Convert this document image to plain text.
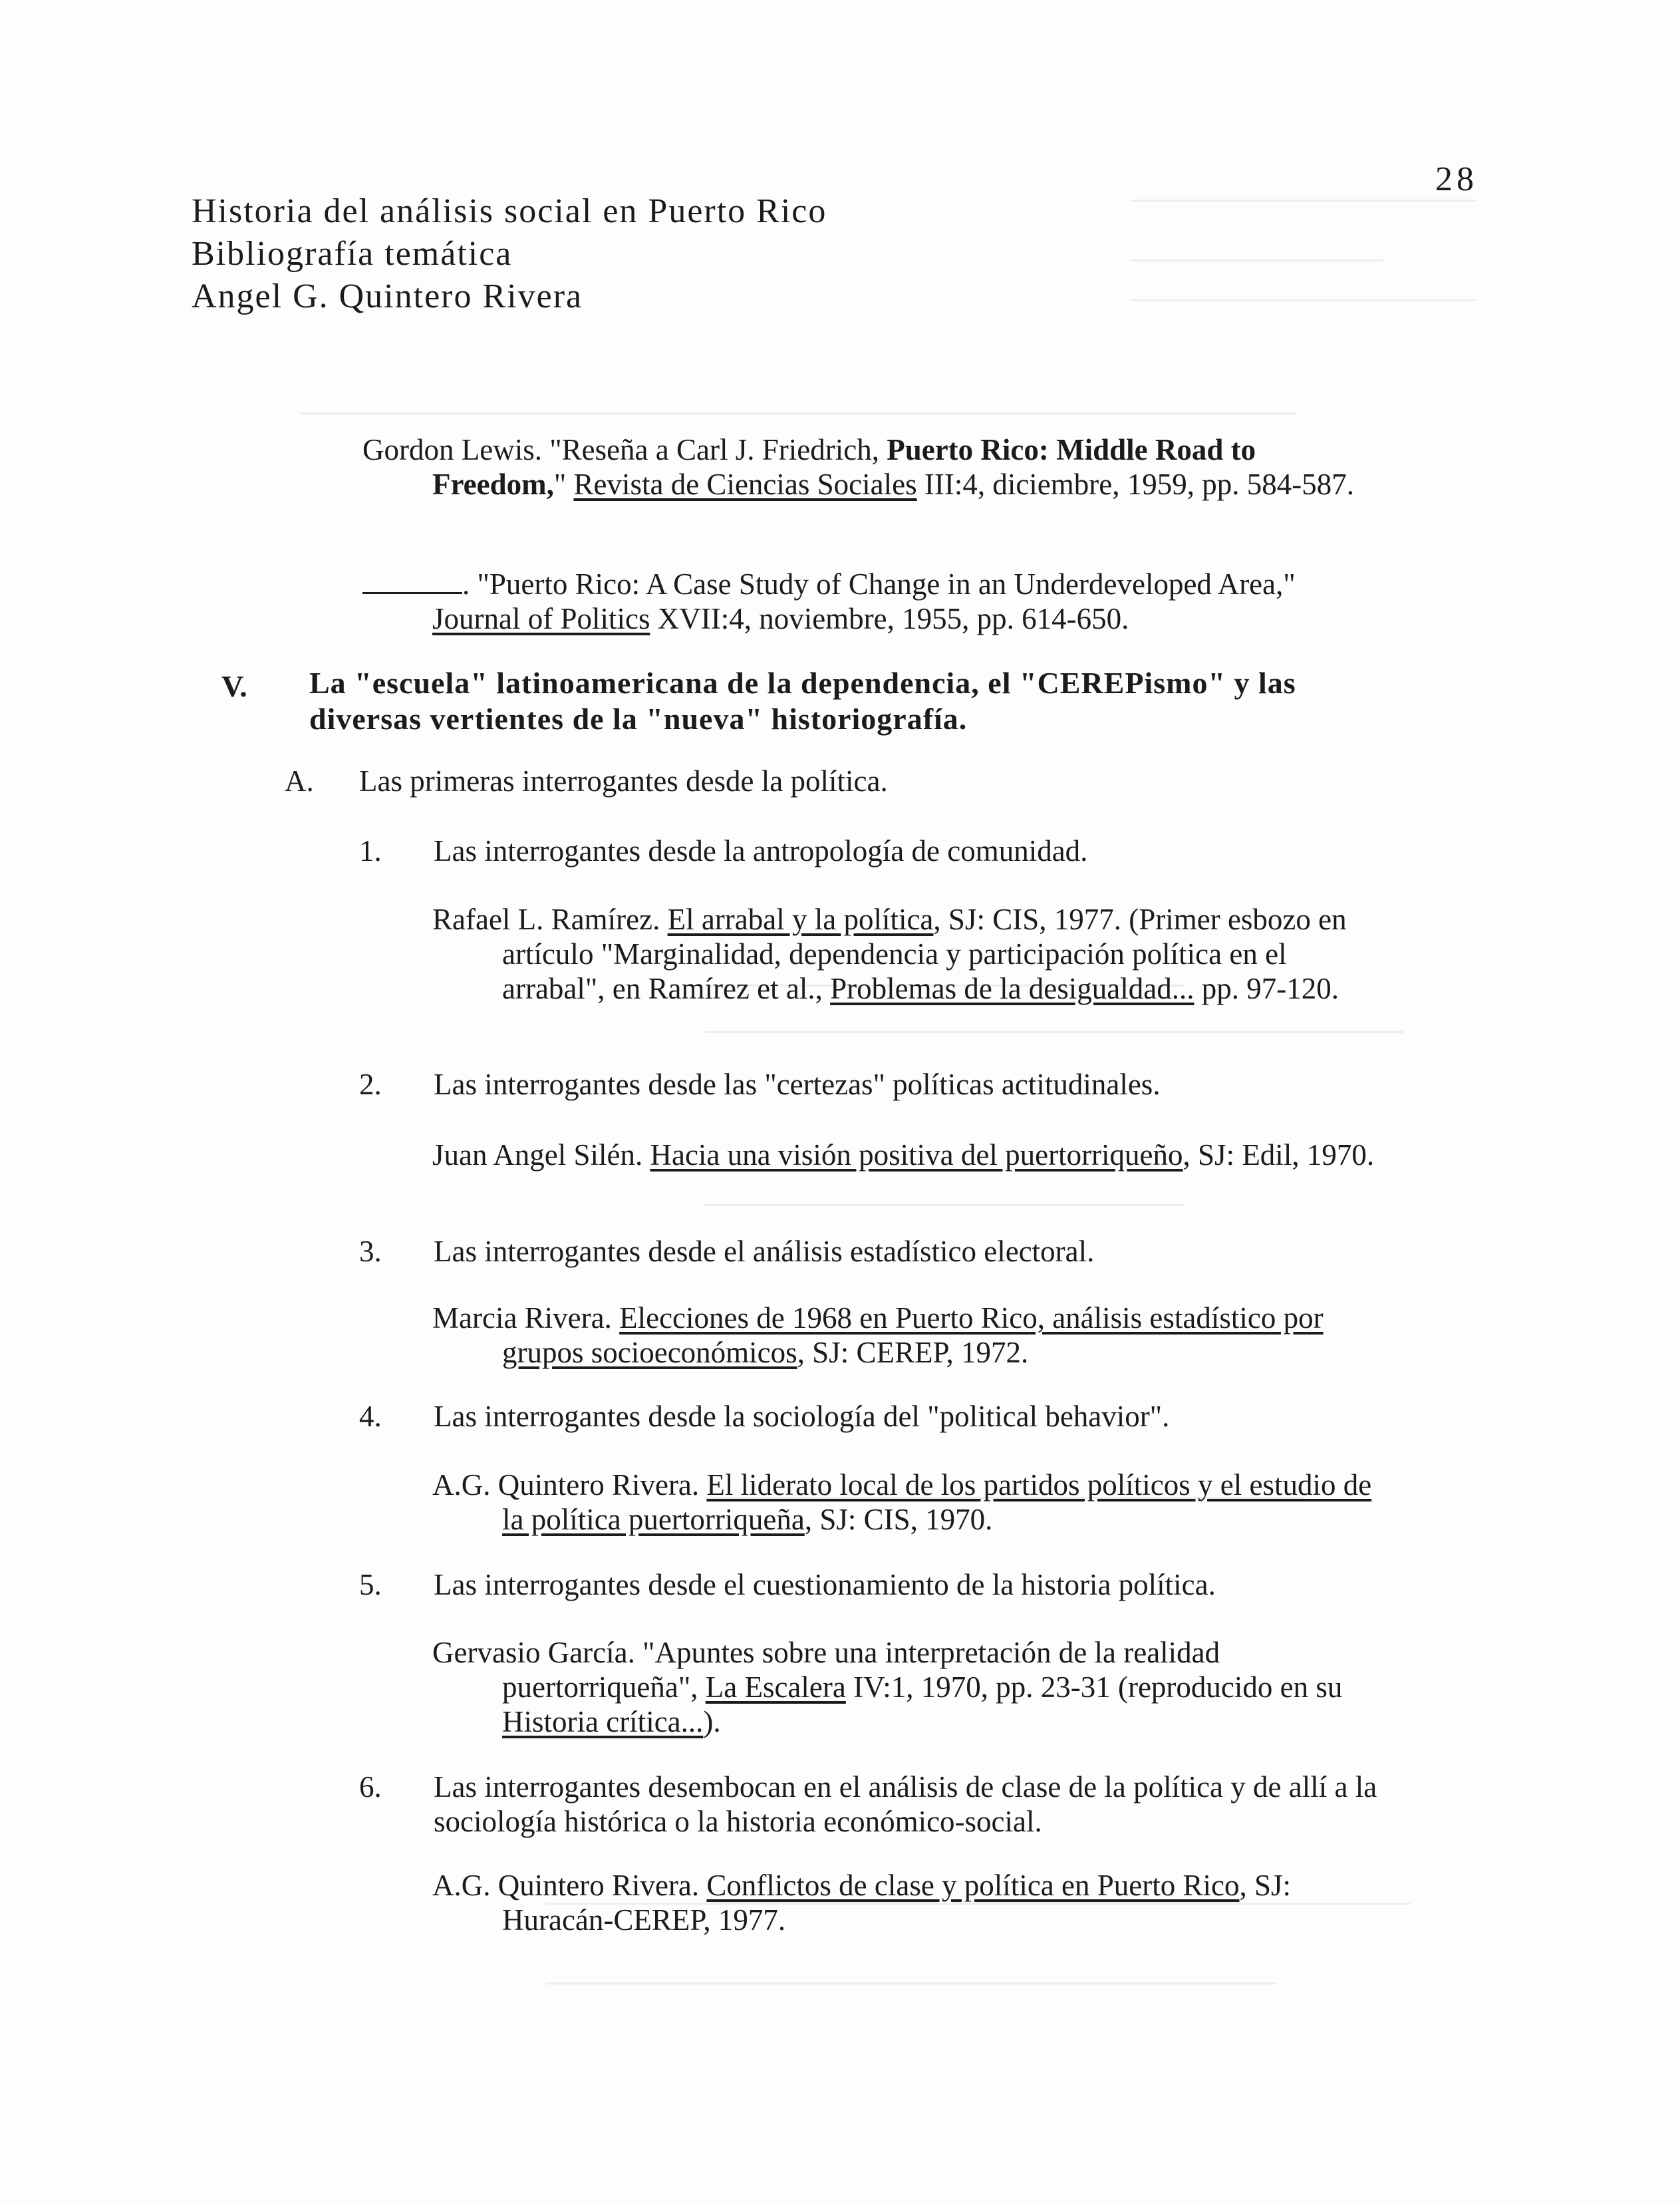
Historia del análisis social en Puerto Rico
Bibliografía temática
Angel G. Quintero Rivera
28
Gordon Lewis. "Reseña a Carl J. Friedrich, Puerto Rico: Middle Road to Freedom," Revista de Ciencias Sociales III:4, diciembre, 1959, pp. 584-587.
. "Puerto Rico: A Case Study of Change in an Underdeveloped Area," Journal of Politics XVII:4, noviembre, 1955, pp. 614-650.
V. La "escuela" latinoamericana de la dependencia, el "CEREPismo" y las diversas vertientes de la "nueva" historiografía.
A. Las primeras interrogantes desde la política.
1. Las interrogantes desde la antropología de comunidad.
Rafael L. Ramírez. El arrabal y la política, SJ: CIS, 1977. (Primer esbozo en artículo "Marginalidad, dependencia y participación política en el arrabal", en Ramírez et al., Problemas de la desigualdad... pp. 97-120.
2. Las interrogantes desde las "certezas" políticas actitudinales.
Juan Angel Silén. Hacia una visión positiva del puertorriqueño, SJ: Edil, 1970.
3. Las interrogantes desde el análisis estadístico electoral.
Marcia Rivera. Elecciones de 1968 en Puerto Rico, análisis estadístico por grupos socioeconómicos, SJ: CEREP, 1972.
4. Las interrogantes desde la sociología del "political behavior".
A.G. Quintero Rivera. El liderato local de los partidos políticos y el estudio de la política puertorriqueña, SJ: CIS, 1970.
5. Las interrogantes desde el cuestionamiento de la historia política.
Gervasio García. "Apuntes sobre una interpretación de la realidad puertorriqueña", La Escalera IV:1, 1970, pp. 23-31 (reproducido en su Historia crítica...).
6. Las interrogantes desembocan en el análisis de clase de la política y de allí a la sociología histórica o la historia económico-social.
A.G. Quintero Rivera. Conflictos de clase y política en Puerto Rico, SJ: Huracán-CEREP, 1977.
